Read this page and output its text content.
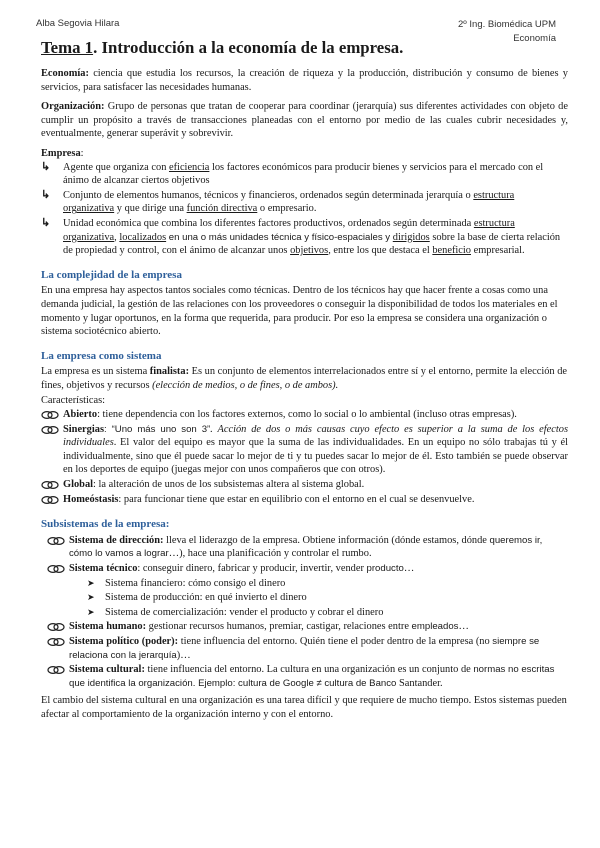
Alba Segovia Hilara	2º Ing. Biomédica UPM
Economía
Tema 1. Introducción a la economía de la empresa.

Economía: ciencia que estudia los recursos, la creación de riqueza y la producción, distribución y consumo de bienes y servicios, para satisfacer las necesidades humanas.

Organización: Grupo de personas que tratan de cooperar para coordinar (jerarquía) sus diferentes actividades con objeto de cumplir un propósito a través de transacciones planeadas con el entorno por medio de las cuales cubrir necesidades y, eventualmente, generar superávit y sobrevivir.

Empresa:
↳	Agente que organiza con eficiencia los factores económicos para producir bienes y servicios para el mercado con el ánimo de alcanzar ciertos objetivos
↳	Conjunto de elementos humanos, técnicos y financieros, ordenados según determinada jerarquía o estructura organizativa y que dirige una función directiva o empresario.
↳	Unidad económica que combina los diferentes factores productivos, ordenados según determinada estructura organizativa, localizados en una o más unidades técnica y físico-espaciales y dirigidos sobre la base de cierta relación de propiedad y control, con el ánimo de alcanzar unos objetivos, entre los que destaca el beneficio empresarial.
La complejidad de la empresa

En una empresa hay aspectos tantos sociales como técnicas. Dentro de los técnicos hay que hacer frente a cosas como una demanda judicial, la gestión de las relaciones con los proveedores o conseguir la disponibilidad de todos los materiales en el momento y lugar oportunos, en la forma que requerida, para producir. Por eso la empresa se considera una organización o sistema sociotécnico abierto.

La empresa como sistema

La empresa es un sistema finalista: Es un conjunto de elementos interrelacionados entre sí y el entorno, permite la elección de fines, objetivos y recursos (elección de medios, o de fines, o de ambos).

Características:
Abierto: tiene dependencia con los factores externos, como lo social o lo ambiental (incluso otras empresas).
Sinergias: “Uno más uno son 3”. Acción de dos o más causas cuyo efecto es superior a la suma de los efectos individuales. El valor del equipo es mayor que la suma de las individualidades. En un equipo no sólo trabajas tú y él individualmente, sino que él puede sacar lo mejor de ti y tu puedes sacar lo mejor de él. Esto también se puede observar en los deportes de equipo (juegas mejor con unos compañeros que con otros).
Global: la alteración de unos de los subsistemas altera al sistema global.
Homeóstasis: para funcionar tiene que estar en equilibrio con el entorno en el cual se desenvuelve.
Subsistemas de la empresa:
Sistema de dirección: lleva el liderazgo de la empresa. Obtiene información (dónde estamos, dónde queremos ir, cómo lo vamos a lograr…), hace una planificación y controlar el rumbo.
Sistema técnico: conseguir dinero, fabricar y producir, invertir, vender producto…
➤	Sistema financiero: cómo consigo el dinero
➤	Sistema de producción: en qué invierto el dinero
➤	Sistema de comercialización: vender el producto y cobrar el dinero
Sistema humano: gestionar recursos humanos, premiar, castigar, relaciones entre empleados…
Sistema político (poder): tiene influencia del entorno. Quién tiene el poder dentro de la empresa (no siempre se relaciona con la jerarquía)…
Sistema cultural: tiene influencia del entorno. La cultura en una organización es un conjunto de normas no escritas que identifica la organización. Ejemplo: cultura de Google ≠ cultura de Banco Santander.

El cambio del sistema cultural en una organización es una tarea difícil y que requiere de mucho tiempo. Estos sistemas pueden afectar al comportamiento de la organización interno y con el entorno.
